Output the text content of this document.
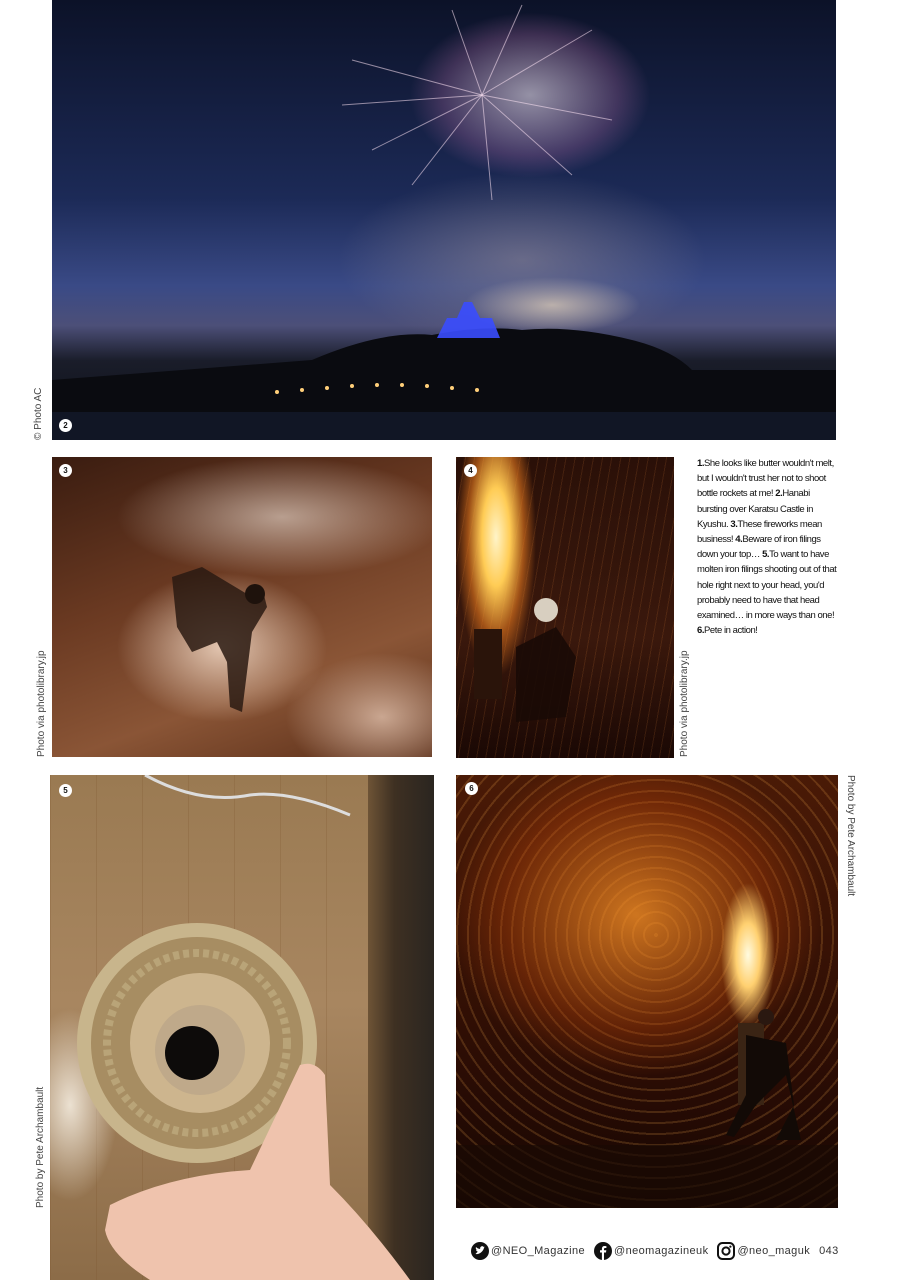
2
© Photo AC
3
Photo via photolibrary.jp
4
Photo via photolibrary.jp
1.She looks like butter wouldn't melt, but I wouldn't trust her not to shoot bottle rockets at me! 2.Hanabi bursting over Karatsu Castle in Kyushu. 3.These fireworks mean business! 4.Beware of iron filings down your top… 5.To want to have molten iron filings shooting out of that hole right next to your head, you'd probably need to have that head examined… in more ways than one! 6.Pete in action!
5
Photo by Pete Archambault
6	Photo by Pete Archambault
@NEO_Magazine	@neomagazineuk	@neo_maguk 043
